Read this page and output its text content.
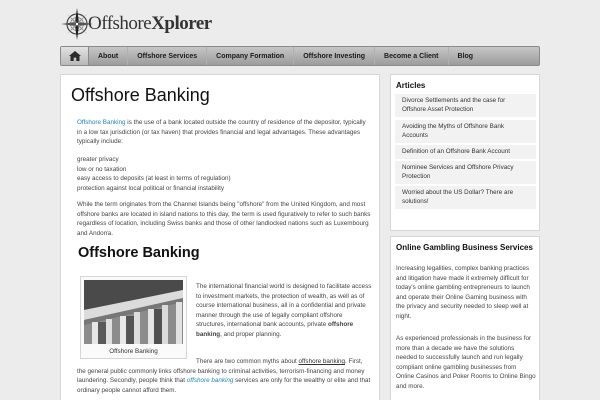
OffshoreXplorer
About	Offshore Services	Company Formation	Offshore Investing	Become a Client	Blog
Offshore Banking

Offshore Banking is the use of a bank located outside the country of residence of the depositor, typically in a low tax jurisdiction (or tax haven) that provides financial and legal advantages. These advantages typically include:

greater privacy
low or no taxation
easy access to deposits (at least in terms of regulation)
protection against local political or financial instability

While the term originates from the Channel Islands being "offshore" from the United Kingdom, and most offshore banks are located in island nations to this day, the term is used figuratively to refer to such banks regardless of location, including Swiss banks and those of other landlocked nations such as Luxembourg and Andorra.

Offshore Banking
Offshore Banking

The international financial world is designed to facilitate access to investment markets, the protection of wealth, as well as of course international business, all in a confidential and private manner through the use of legally compliant offshore structures, international bank accounts, private offshore banking, and proper planning.

There are two common myths about offshore banking. First, the general public commonly links offshore banking to criminal activities, terrorism-financing and money laundering. Secondly, people think that offshore banking services are only for the wealthy or elite and that ordinary people cannot afford them.

Articles
Divorce Settlements and the case for Offshore Asset Protection
Avoiding the Myths of Offshore Bank Accounts
Definition of an Offshore Bank Account
Nominee Services and Offshore Privacy Protection
Worried about the US Dollar? There are solutions!
Online Gambling Business Services

Increasing legalities, complex banking practices and litigation have made it extremely difficult for today's online gambling entrepreneurs to launch and operate their Online Gaming business with the privacy and security needed to sleep well at night.

As experienced professionals in the business for more than a decade we have the solutions needed to successfully launch and run legally compliant online gambling businesses from Online Casinos and Poker Rooms to Online Bingo and more.
